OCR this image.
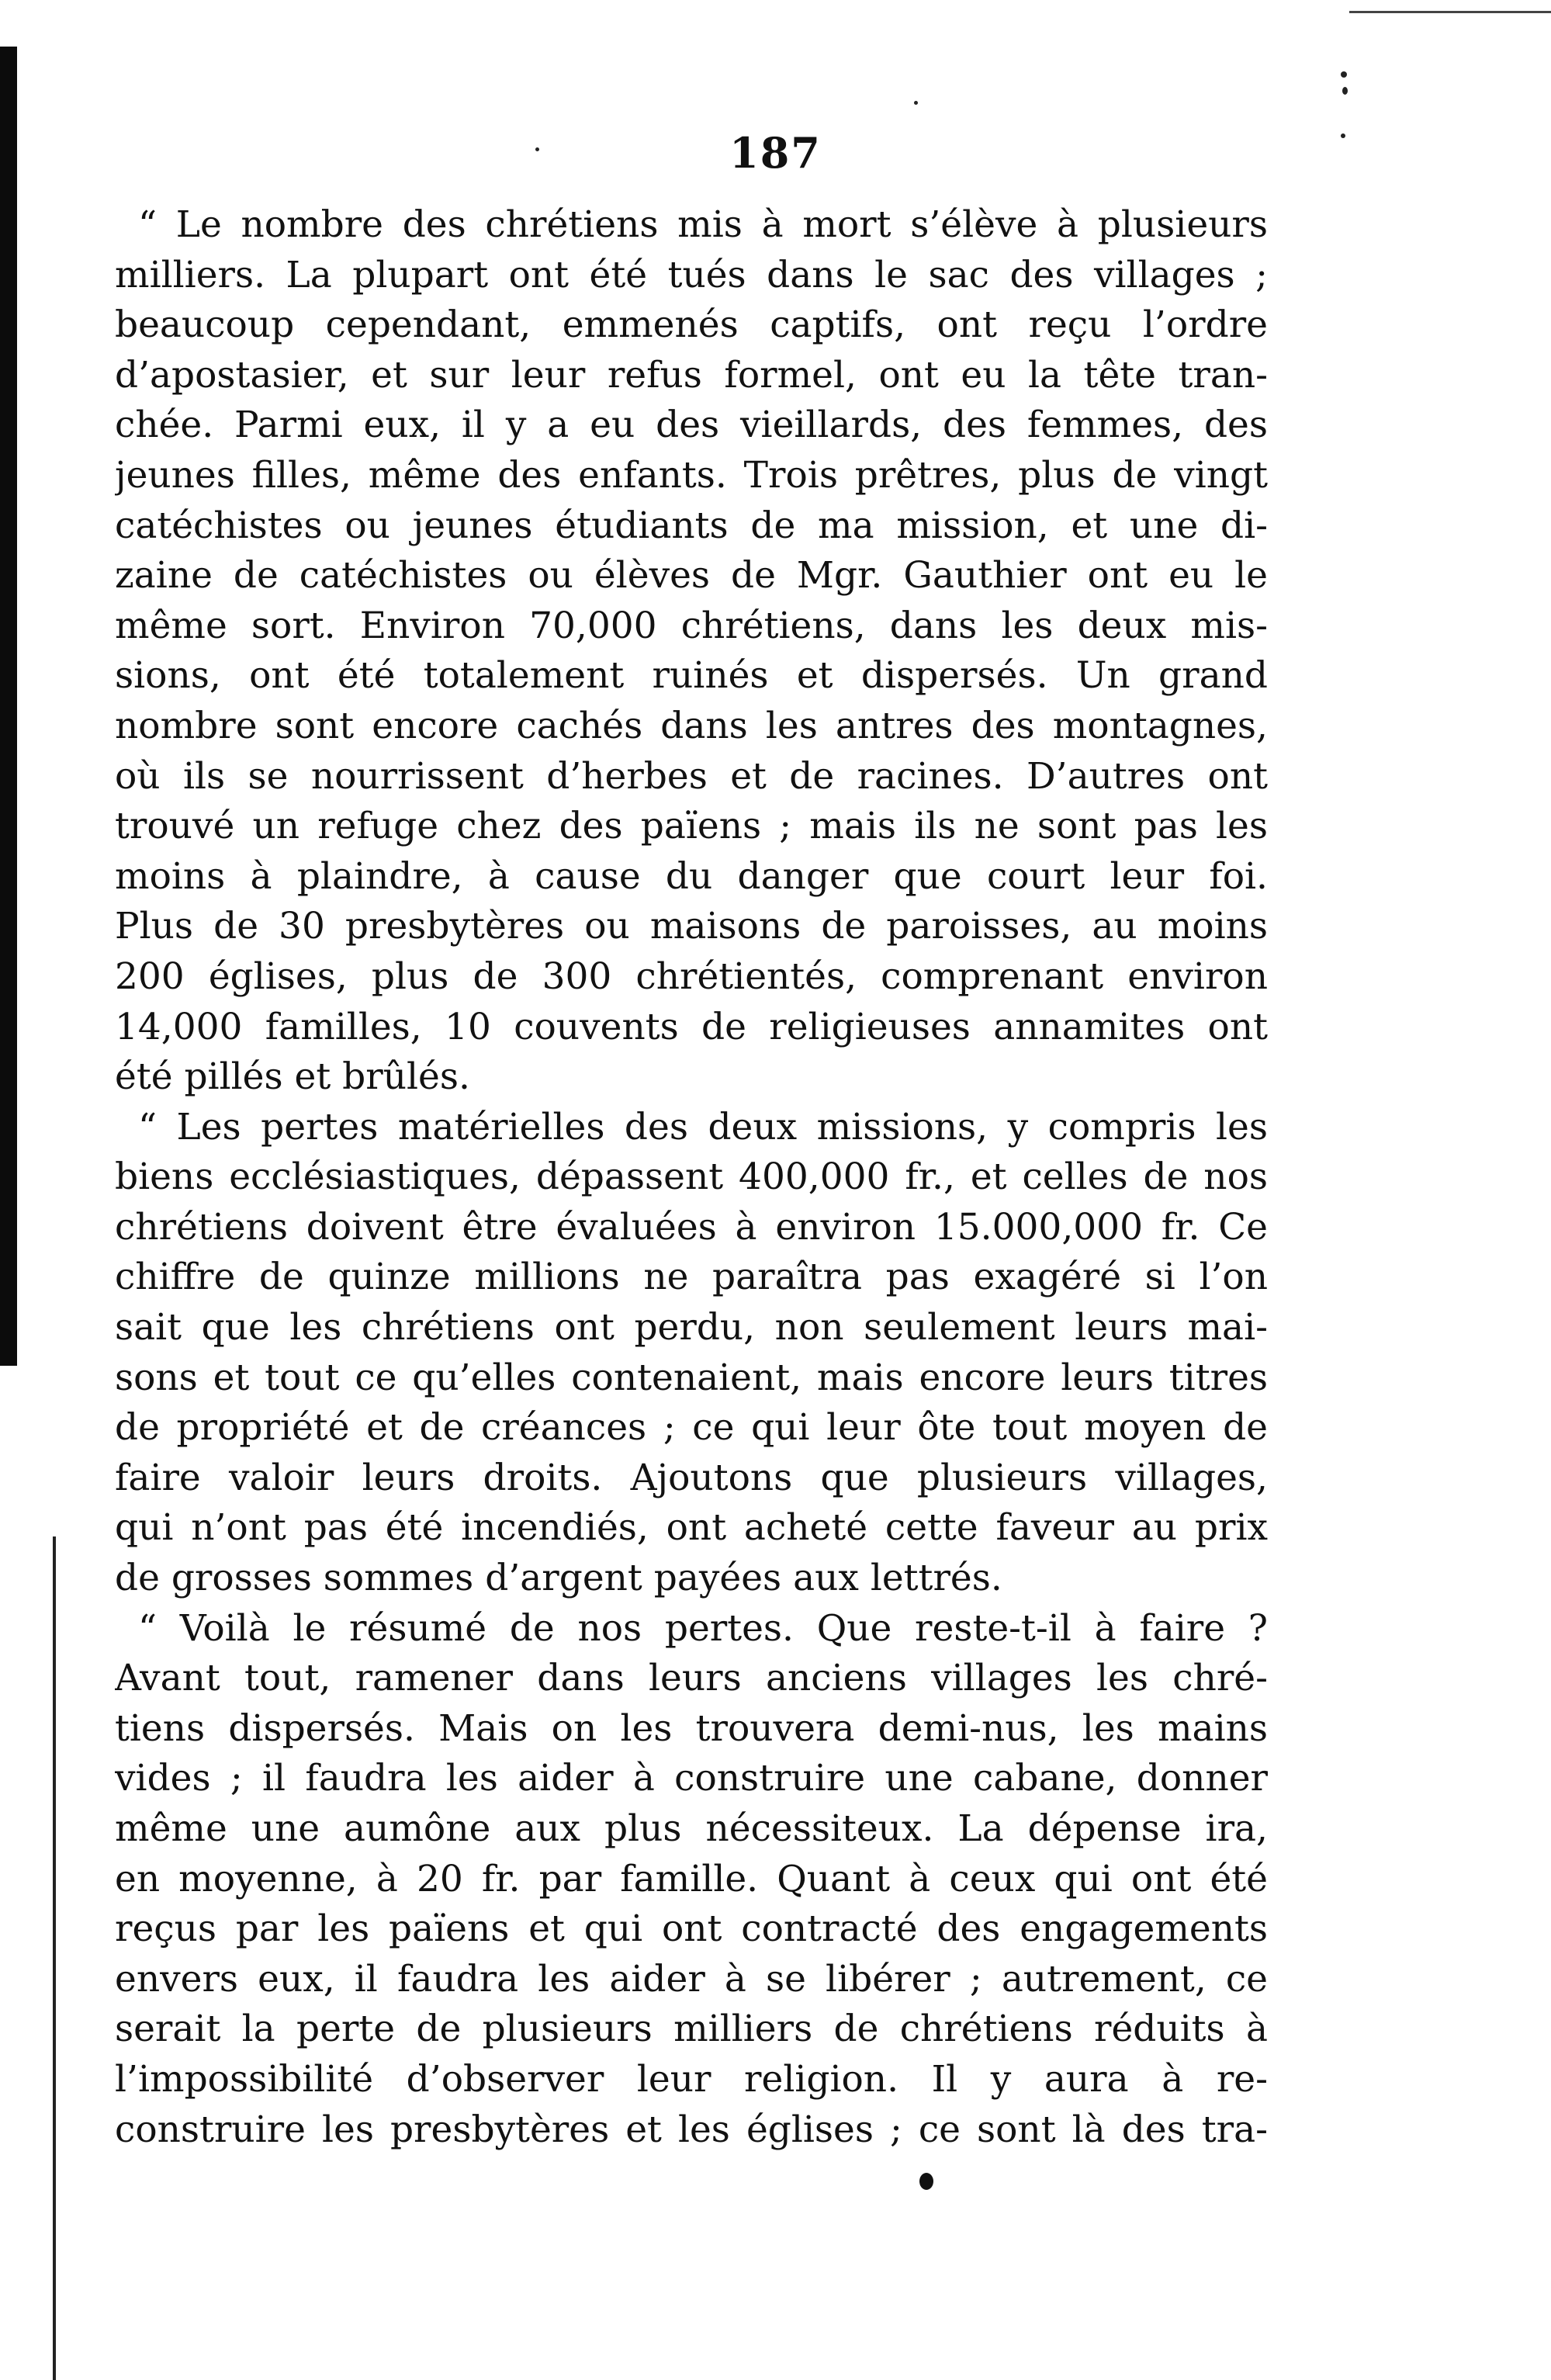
187
“ Le nombre des chrétiens mis à mort s’élève à plusieurs
milliers. La plupart ont été tués dans le sac des villages ;
beaucoup cependant, emmenés captifs, ont reçu l’ordre
d’apostasier, et sur leur refus formel, ont eu la tête tran-
chée. Parmi eux, il y a eu des vieillards, des femmes, des
jeunes filles, même des enfants. Trois prêtres, plus de vingt
catéchistes ou jeunes étudiants de ma mission, et une di-
zaine de catéchistes ou élèves de Mgr. Gauthier ont eu le
même sort. Environ 70,000 chrétiens, dans les deux mis-
sions, ont été totalement ruinés et dispersés. Un grand
nombre sont encore cachés dans les antres des montagnes,
où ils se nourrissent d’herbes et de racines. D’autres ont
trouvé un refuge chez des païens ; mais ils ne sont pas les
moins à plaindre, à cause du danger que court leur foi.
Plus de 30 presbytères ou maisons de paroisses, au moins
200 églises, plus de 300 chrétientés, comprenant environ
14,000 familles, 10 couvents de religieuses annamites ont
été pillés et brûlés.
“ Les pertes matérielles des deux missions, y compris les
biens ecclésiastiques, dépassent 400,000 fr., et celles de nos
chrétiens doivent être évaluées à environ 15.000,000 fr. Ce
chiffre de quinze millions ne paraîtra pas exagéré si l’on
sait que les chrétiens ont perdu, non seulement leurs mai-
sons et tout ce qu’elles contenaient, mais encore leurs titres
de propriété et de créances ; ce qui leur ôte tout moyen de
faire valoir leurs droits. Ajoutons que plusieurs villages,
qui n’ont pas été incendiés, ont acheté cette faveur au prix
de grosses sommes d’argent payées aux lettrés.
“ Voilà le résumé de nos pertes. Que reste-t-il à faire ?
Avant tout, ramener dans leurs anciens villages les chré-
tiens dispersés. Mais on les trouvera demi-nus, les mains
vides ; il faudra les aider à construire une cabane, donner
même une aumône aux plus nécessiteux. La dépense ira,
en moyenne, à 20 fr. par famille. Quant à ceux qui ont été
reçus par les païens et qui ont contracté des engagements
envers eux, il faudra les aider à se libérer ; autrement, ce
serait la perte de plusieurs milliers de chrétiens réduits à
l’impossibilité d’observer leur religion. Il y aura à re-
construire les presbytères et les églises ; ce sont là des tra-
